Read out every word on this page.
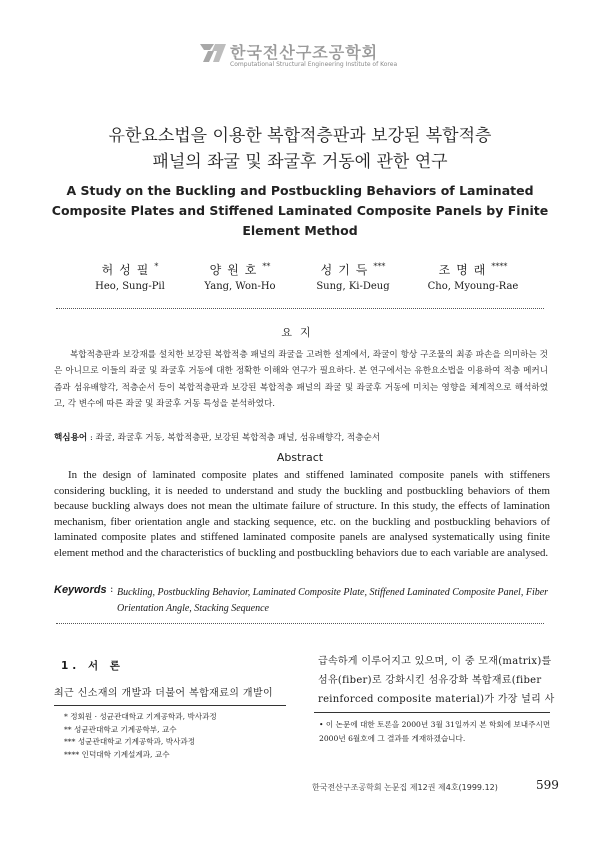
한국전산구조공학회
Computational Structural Engineering Institute of Korea
유한요소법을 이용한 복합적층판과 보강된 복합적층
패널의 좌굴 및 좌굴후 거동에 관한 연구
A Study on the Buckling and Postbuckling Behaviors of Laminated
Composite Plates and Stiffened Laminated Composite Panels by Finite
Element Method
허성필*
Heo, Sung-Pil
양원호**
Yang, Won-Ho
성기득***
Sung, Ki-Deug
조명래****
Cho, Myoung-Rae
요지
복합적층판과 보강재를 설치한 보강된 복합적층 패널의 좌굴을 고려한 설계에서, 좌굴이 항상 구조물의 최종 파손을 의미하는 것은 아니므로 이들의 좌굴 및 좌굴후 거동에 대한 정확한 이해와 연구가 필요하다. 본 연구에서는 유한요소법을 이용하여 적층 메커니즘과 섬유배향각, 적층순서 등이 복합적층판과 보강된 복합적층 패널의 좌굴 및 좌굴후 거동에 미치는 영향을 체계적으로 해석하였고, 각 변수에 따른 좌굴 및 좌굴후 거동 특성을 분석하였다.
핵심용어 : 좌굴, 좌굴후 거동, 복합적층판, 보강된 복합적층 패널, 섬유배향각, 적층순서
Abstract
In the design of laminated composite plates and stiffened laminated composite panels with stiffeners considering buckling, it is needed to understand and study the buckling and postbuckling behaviors of them because buckling always does not mean the ultimate failure of structure. In this study, the effects of lamination mechanism, fiber orientation angle and stacking sequence, etc. on the buckling and postbuckling behaviors of laminated composite plates and stiffened laminated composite panels are analysed systematically using finite element method and the characteristics of buckling and postbuckling behaviors due to each variable are analysed.
Keywords : Buckling, Postbuckling Behavior, Laminated Composite Plate, Stiffened Laminated Composite Panel, Fiber Orientation Angle, Stacking Sequence
1. 서 론
최근 신소재의 개발과 더불어 복합재료의 개발이
급속하게 이루어지고 있으며, 이 중 모재(matrix)를
섬유(fiber)로 강화시킨 섬유강화 복합재료(fiber
reinforced composite material)가 가장 널리 사
* 정회원 · 성균관대학교 기계공학과, 박사과정
** 성균관대학교 기계공학부, 교수
*** 성균관대학교 기계공학과, 박사과정
**** 인덕대학 기계설계과, 교수
• 이 논문에 대한 토론을 2000년 3월 31일까지 본 학회에 보내주시면 2000년 6월호에 그 결과를 게재하겠습니다.
한국전산구조공학회 논문집 제12권 제4호(1999.12)	599
